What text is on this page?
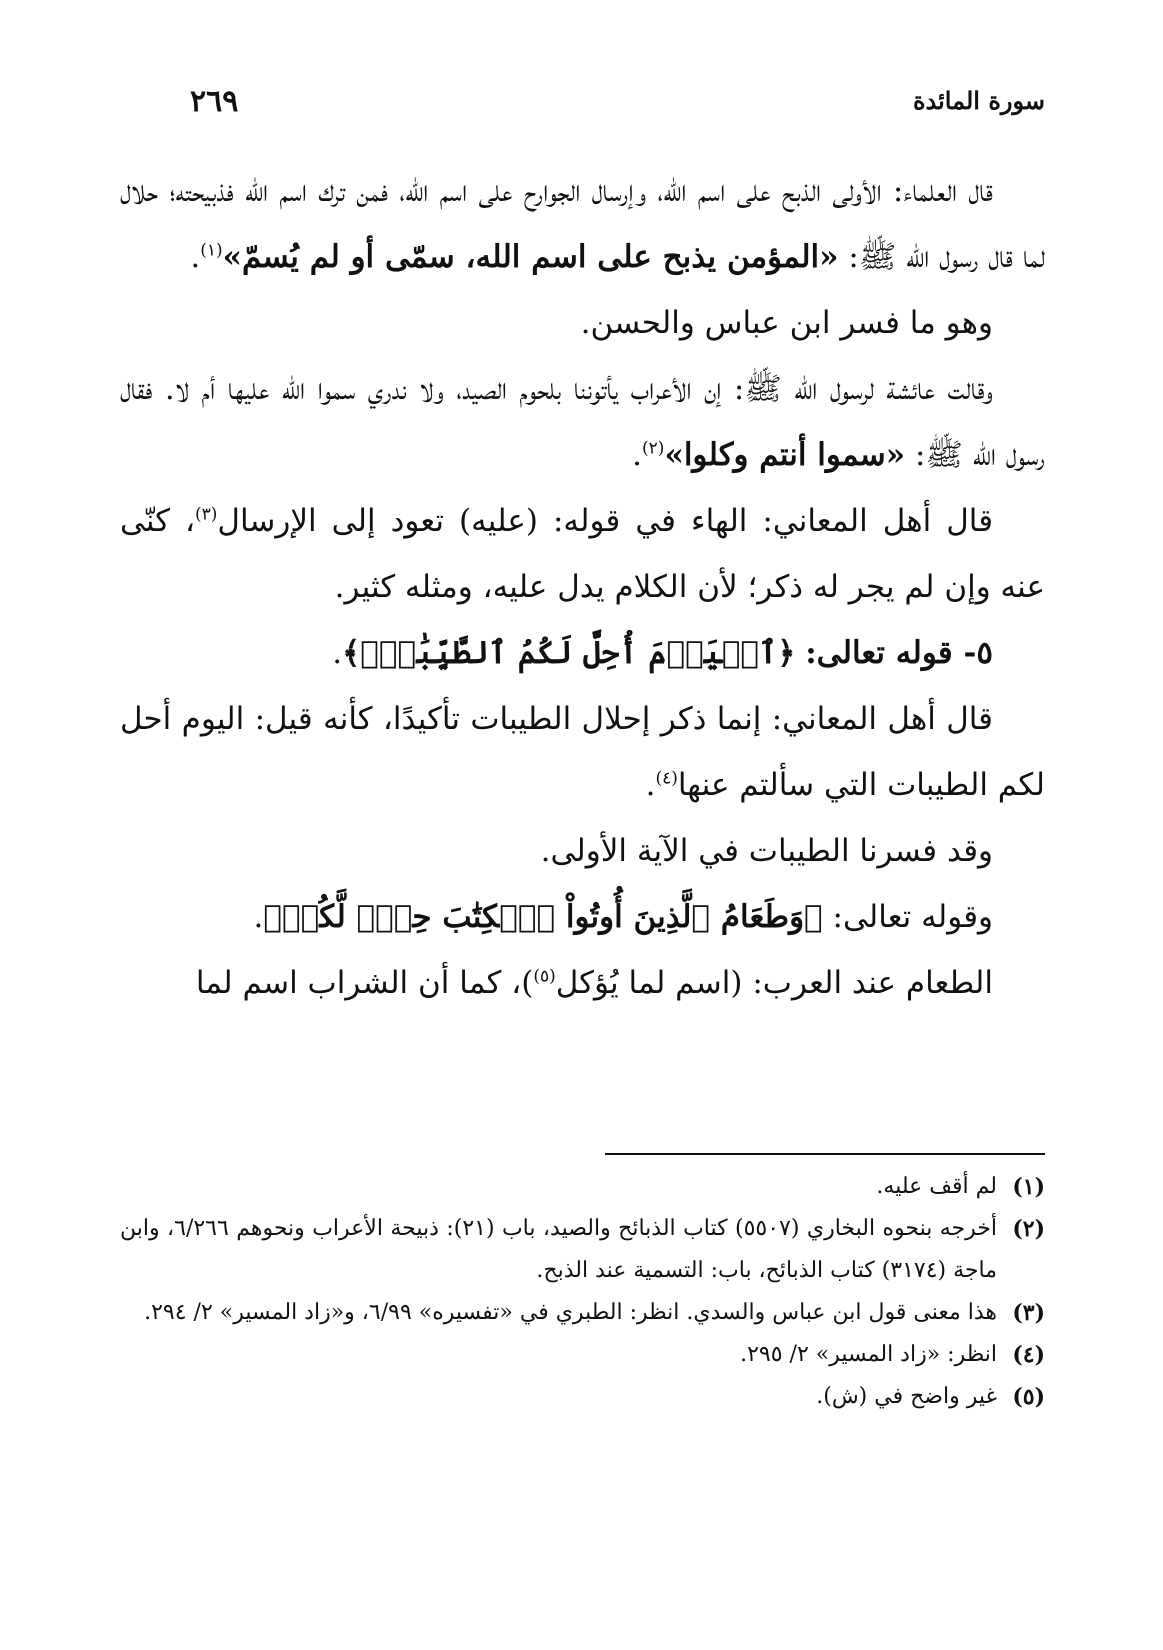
سورة المائدة
٢٦٩

قال العلماء: الأولى الذبح على اسم الله، وإرسال الجوارح على اسم الله، فمن ترك اسم الله فذبيحته؛ حلال لما قال رسول الله ﷺ: «المؤمن يذبح على اسم الله، سمّى أو لم يُسمّ»$^{(١)}$.

وهو ما فسر ابن عباس والحسن.

وقالت عائشة لرسول الله ﷺ: إن الأعراب يأتوننا بلحوم الصيد، ولا ندري سموا الله عليها أم لا. فقال رسول الله ﷺ: «سموا أنتم وكلوا»$^{(٢)}$.

قال أهل المعاني: الهاء في قوله: (عليه) تعود إلى الإرسال$^{(٣)}$، كنّى عنه وإن لم يجر له ذكر؛ لأن الكلام يدل عليه، ومثله كثير.

٥- قوله تعالى: ﴿ٱلۡيَوۡمَ أُحِلَّ لَكُمُ ٱلطَّيِّبَٰتُۖ﴾.

قال أهل المعاني: إنما ذكر إحلال الطيبات تأكيدًا، كأنه قيل: اليوم أحل لكم الطيبات التي سألتم عنها$^{(٤)}$.

وقد فسرنا الطيبات في الآية الأولى.

وقوله تعالى: ﴿وَطَعَامُ ٱلَّذِينَ أُوتُواْ ٱلۡكِتَٰبَ حِلّٞ لَّكُمۡ﴾.

الطعام عند العرب: (اسم لما يُؤكل$^{(٥)}$)، كما أن الشراب اسم لما

(١)
لم أقف عليه.
(٢)
أخرجه بنحوه البخاري (٥٥٠٧) كتاب الذبائح والصيد، باب (٢١): ذبيحة الأعراب ونحوهم ٦/٢٦٦، وابن ماجة (٣١٧٤) كتاب الذبائح، باب: التسمية عند الذبح.
(٣)
هذا معنى قول ابن عباس والسدي. انظر: الطبري في «تفسيره» ٦/٩٩، و«زاد المسير» ٢/ ٢٩٤.
(٤)
انظر: «زاد المسير» ٢/ ٢٩٥.
(٥)
غير واضح في (ش).
